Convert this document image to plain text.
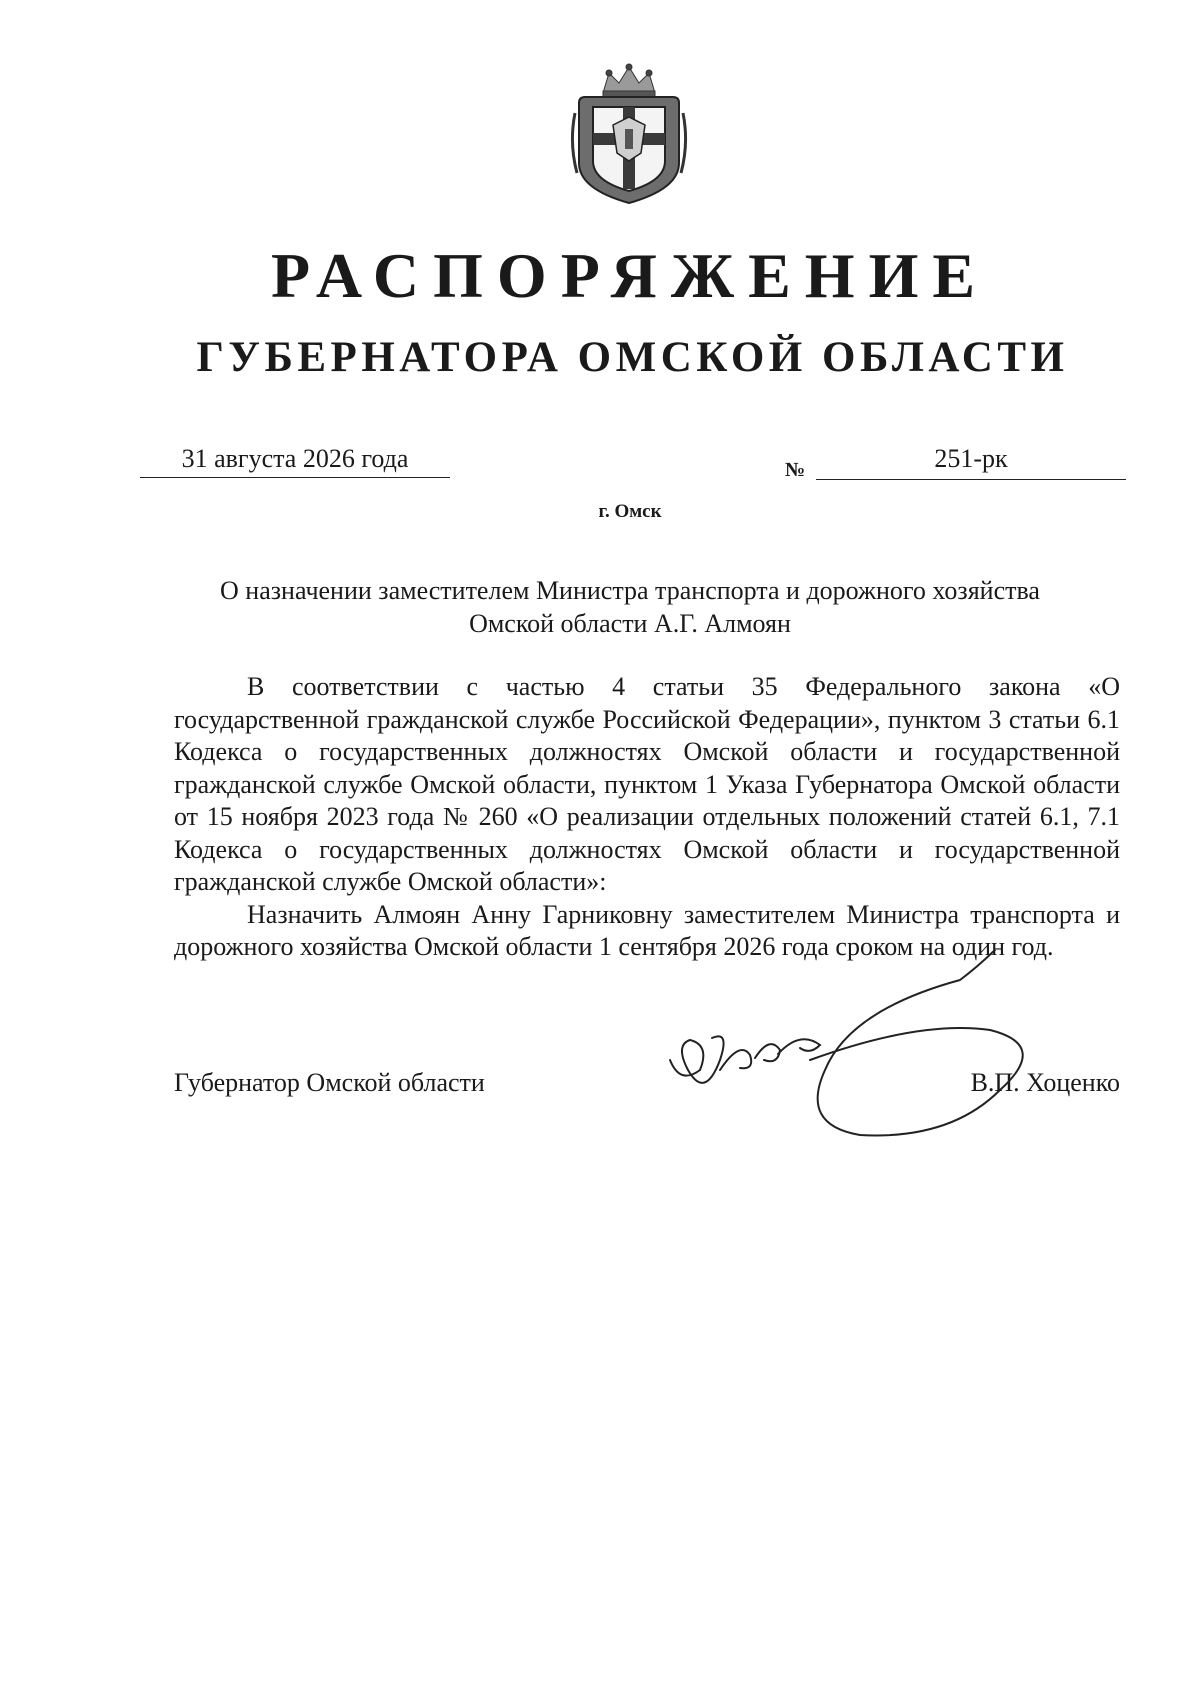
РАСПОРЯЖЕНИЕ
ГУБЕРНАТОРА ОМСКОЙ ОБЛАСТИ
31 августа 2026 года	№	251-рк
г. Омск
О назначении заместителем Министра транспорта и дорожного хозяйства Омской области А.Г. Алмоян

В соответствии с частью 4 статьи 35 Федерального закона «О государственной гражданской службе Российской Федерации», пунктом 3 статьи 6.1 Кодекса о государственных должностях Омской области и государственной гражданской службе Омской области, пунктом 1 Указа Губернатора Омской области от 15 ноября 2023 года № 260 «О реализации отдельных положений статей 6.1, 7.1 Кодекса о государственных должностях Омской области и государственной гражданской службе Омской области»:

Назначить Алмоян Анну Гарниковну заместителем Министра транспорта и дорожного хозяйства Омской области 1 сентября 2026 года сроком на один год.

Губернатор Омской области	В.П. Хоценко
